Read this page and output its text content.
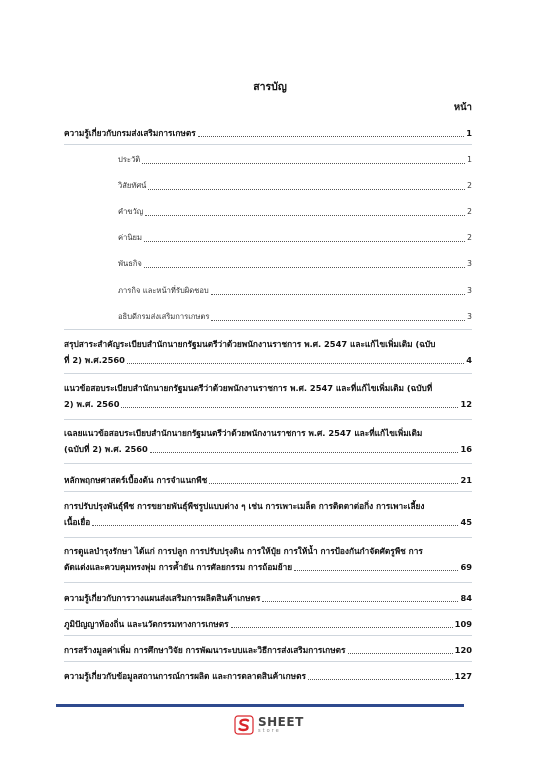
สารบัญ
หน้า
ความรู้เกี่ยวกับกรมส่งเสริมการเกษตร	1
ประวัติ	1
วิสัยทัศน์	2
คำขวัญ	2
ค่านิยม	2
พันธกิจ	3
ภารกิจ และหน้าที่รับผิดชอบ	3
อธิบดีกรมส่งเสริมการเกษตร	3
สรุปสาระสำคัญระเบียบสำนักนายกรัฐมนตรีว่าด้วยพนักงานราชการ พ.ศ. 2547 และแก้ไขเพิ่มเติม (ฉบับ
ที่ 2) พ.ศ.2560	4
แนวข้อสอบระเบียบสำนักนายกรัฐมนตรีว่าด้วยพนักงานราชการ พ.ศ. 2547 และที่แก้ไขเพิ่มเติม (ฉบับที่
2) พ.ศ. 2560	12
เฉลยแนวข้อสอบระเบียบสำนักนายกรัฐมนตรีว่าด้วยพนักงานราชการ พ.ศ. 2547 และที่แก้ไขเพิ่มเติม
(ฉบับที่ 2) พ.ศ. 2560	16
หลักพฤกษศาสตร์เบื้องต้น การจำแนกพืช	21
การปรับปรุงพันธุ์พืช การขยายพันธุ์พืชรูปแบบต่าง ๆ เช่น การเพาะเมล็ด การติดตาต่อกิ่ง การเพาะเลี้ยง
เนื้อเยื่อ	45
การดูแลบำรุงรักษา ได้แก่ การปลูก การปรับปรุงดิน การให้ปุ๋ย การให้น้ำ การป้องกันกำจัดศัตรูพืช การ
ตัดแต่งและควบคุมทรงพุ่ม การค้ำยัน การศัลยกรรม การถ้อมย้าย	69
ความรู้เกี่ยวกับการวางแผนส่งเสริมการผลิตสินค้าเกษตร	84
ภูมิปัญญาท้องถิ่น และนวัตกรรมทางการเกษตร	109
การสร้างมูลค่าเพิ่ม การศึกษาวิจัย การพัฒนาระบบและวิธีการส่งเสริมการเกษตร	120
ความรู้เกี่ยวกับข้อมูลสถานการณ์การผลิต และการตลาดสินค้าเกษตร	127
SHEET
store
